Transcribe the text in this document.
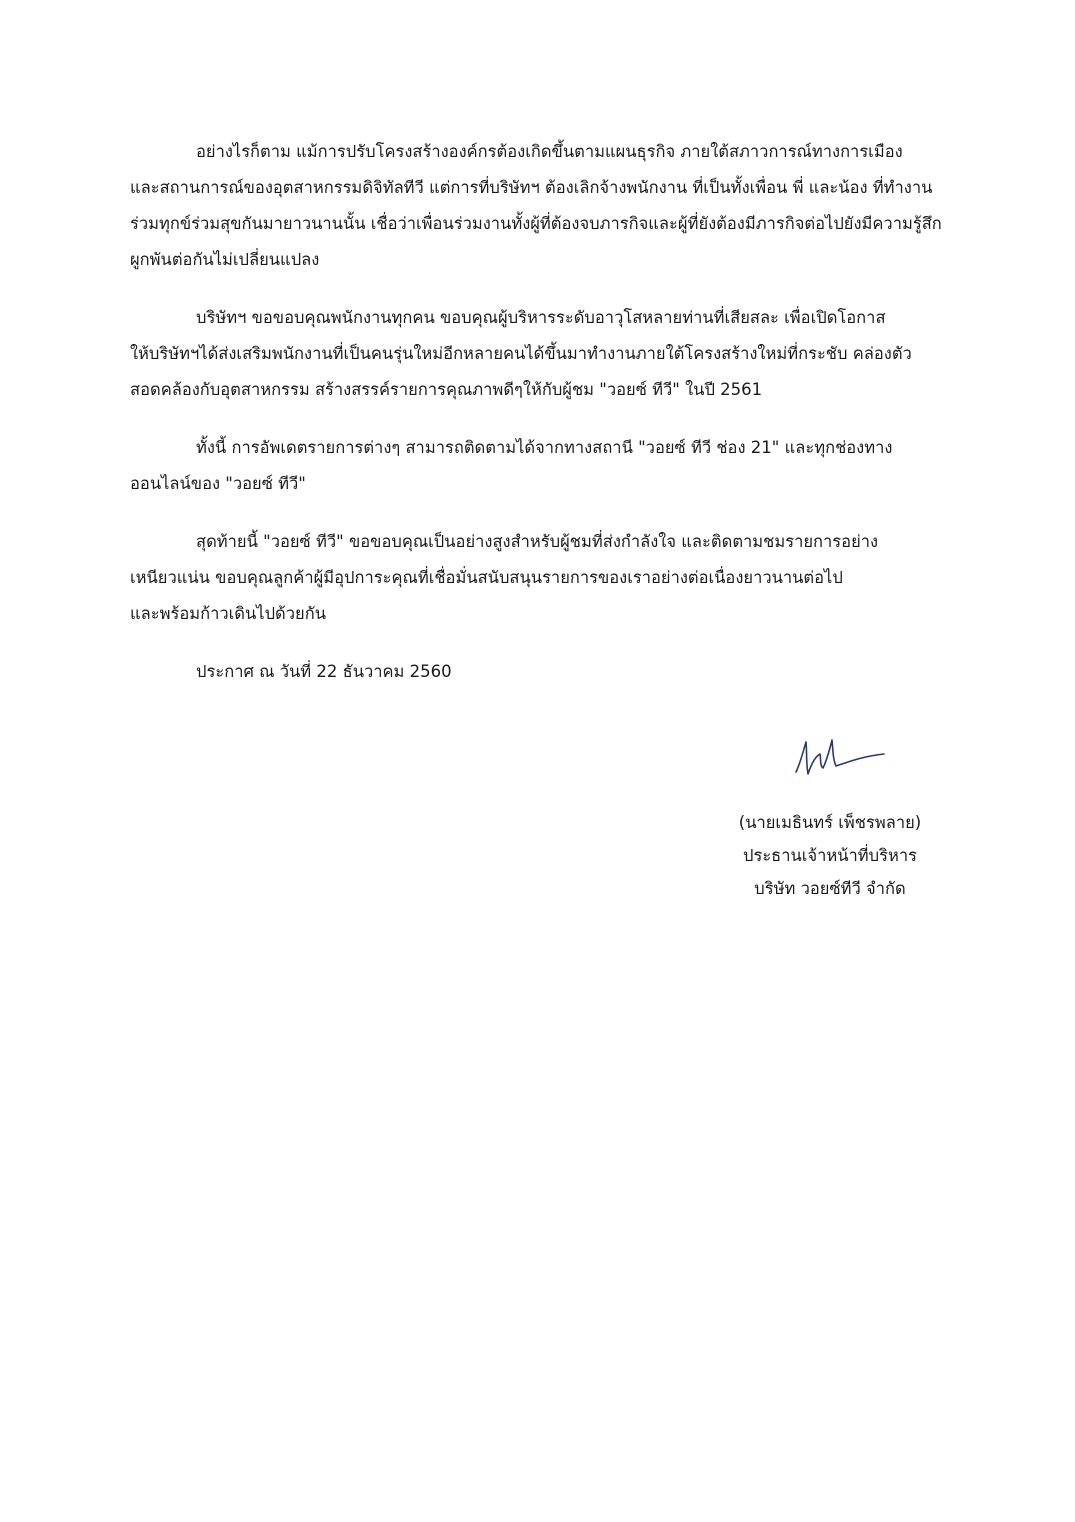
อย่างไรก็ตาม แม้การปรับโครงสร้างองค์กรต้องเกิดขึ้นตามแผนธุรกิจ ภายใต้สภาวการณ์ทางการเมือง
และสถานการณ์ของอุตสาหกรรมดิจิทัลทีวี แต่การที่บริษัทฯ ต้องเลิกจ้างพนักงาน ที่เป็นทั้งเพื่อน พี่ และน้อง ที่ทำงาน
ร่วมทุกข์ร่วมสุขกันมายาวนานนั้น เชื่อว่าเพื่อนร่วมงานทั้งผู้ที่ต้องจบภารกิจและผู้ที่ยังต้องมีภารกิจต่อไปยังมีความรู้สึก
ผูกพันต่อกันไม่เปลี่ยนแปลง

บริษัทฯ ขอขอบคุณพนักงานทุกคน ขอบคุณผู้บริหารระดับอาวุโสหลายท่านที่เสียสละ เพื่อเปิดโอกาส
ให้บริษัทฯได้ส่งเสริมพนักงานที่เป็นคนรุ่นใหม่อีกหลายคนได้ขึ้นมาทำงานภายใต้โครงสร้างใหม่ที่กระชับ คล่องตัว
สอดคล้องกับอุตสาหกรรม สร้างสรรค์รายการคุณภาพดีๆให้กับผู้ชม "วอยซ์ ทีวี" ในปี 2561

ทั้งนี้ การอัพเดตรายการต่างๆ สามารถติดตามได้จากทางสถานี "วอยซ์ ทีวี ช่อง 21" และทุกช่องทาง
ออนไลน์ของ "วอยซ์ ทีวี"

สุดท้ายนี้ "วอยซ์ ทีวี" ขอขอบคุณเป็นอย่างสูงสำหรับผู้ชมที่ส่งกำลังใจ และติดตามชมรายการอย่าง
เหนียวแน่น ขอบคุณลูกค้าผู้มีอุปการะคุณที่เชื่อมั่นสนับสนุนรายการของเราอย่างต่อเนื่องยาวนานต่อไป
และพร้อมก้าวเดินไปด้วยกัน

ประกาศ ณ วันที่ 22 ธันวาคม 2560

(นายเมธินทร์ เพ็ชรพลาย)
ประธานเจ้าหน้าที่บริหาร
บริษัท วอยซ์ทีวี จำกัด
